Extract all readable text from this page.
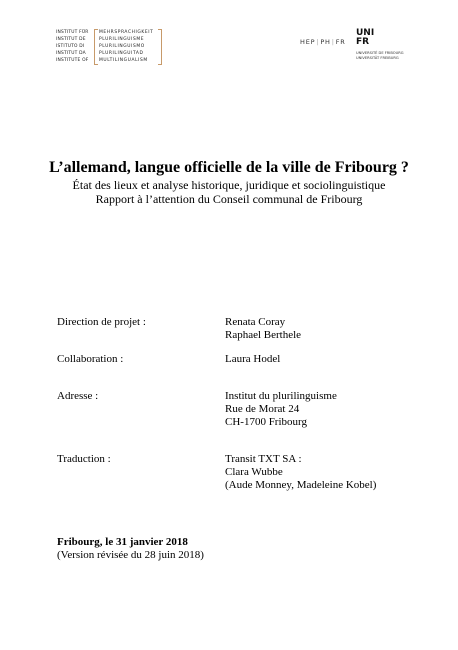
INSTITUT FÜR
INSTITUT DE
ISTITUTO DI
INSTITUT DA
INSTITUTE OF
MEHRSPRACHIGKEIT
PLURILINGUISME
PLURILINGUISMO
PLURILINGUITAD
MULTILINGUALISM
HEP|PH|FR
UNI
FR
UNIVERSITÉ DE FRIBOURG
UNIVERSITÄT FREIBURG
L’allemand, langue officielle de la ville de Fribourg ?
État des lieux et analyse historique, juridique et sociolinguistique
Rapport à l’attention du Conseil communal de Fribourg
Direction de projet :	Renata Coray
Raphael Berthele
Collaboration :	Laura Hodel
Adresse :	Institut du plurilinguisme
Rue de Morat 24
CH-1700 Fribourg
Traduction :	Transit TXT SA :
Clara Wubbe
(Aude Monney, Madeleine Kobel)
Fribourg, le 31 janvier 2018
(Version révisée du 28 juin 2018)
